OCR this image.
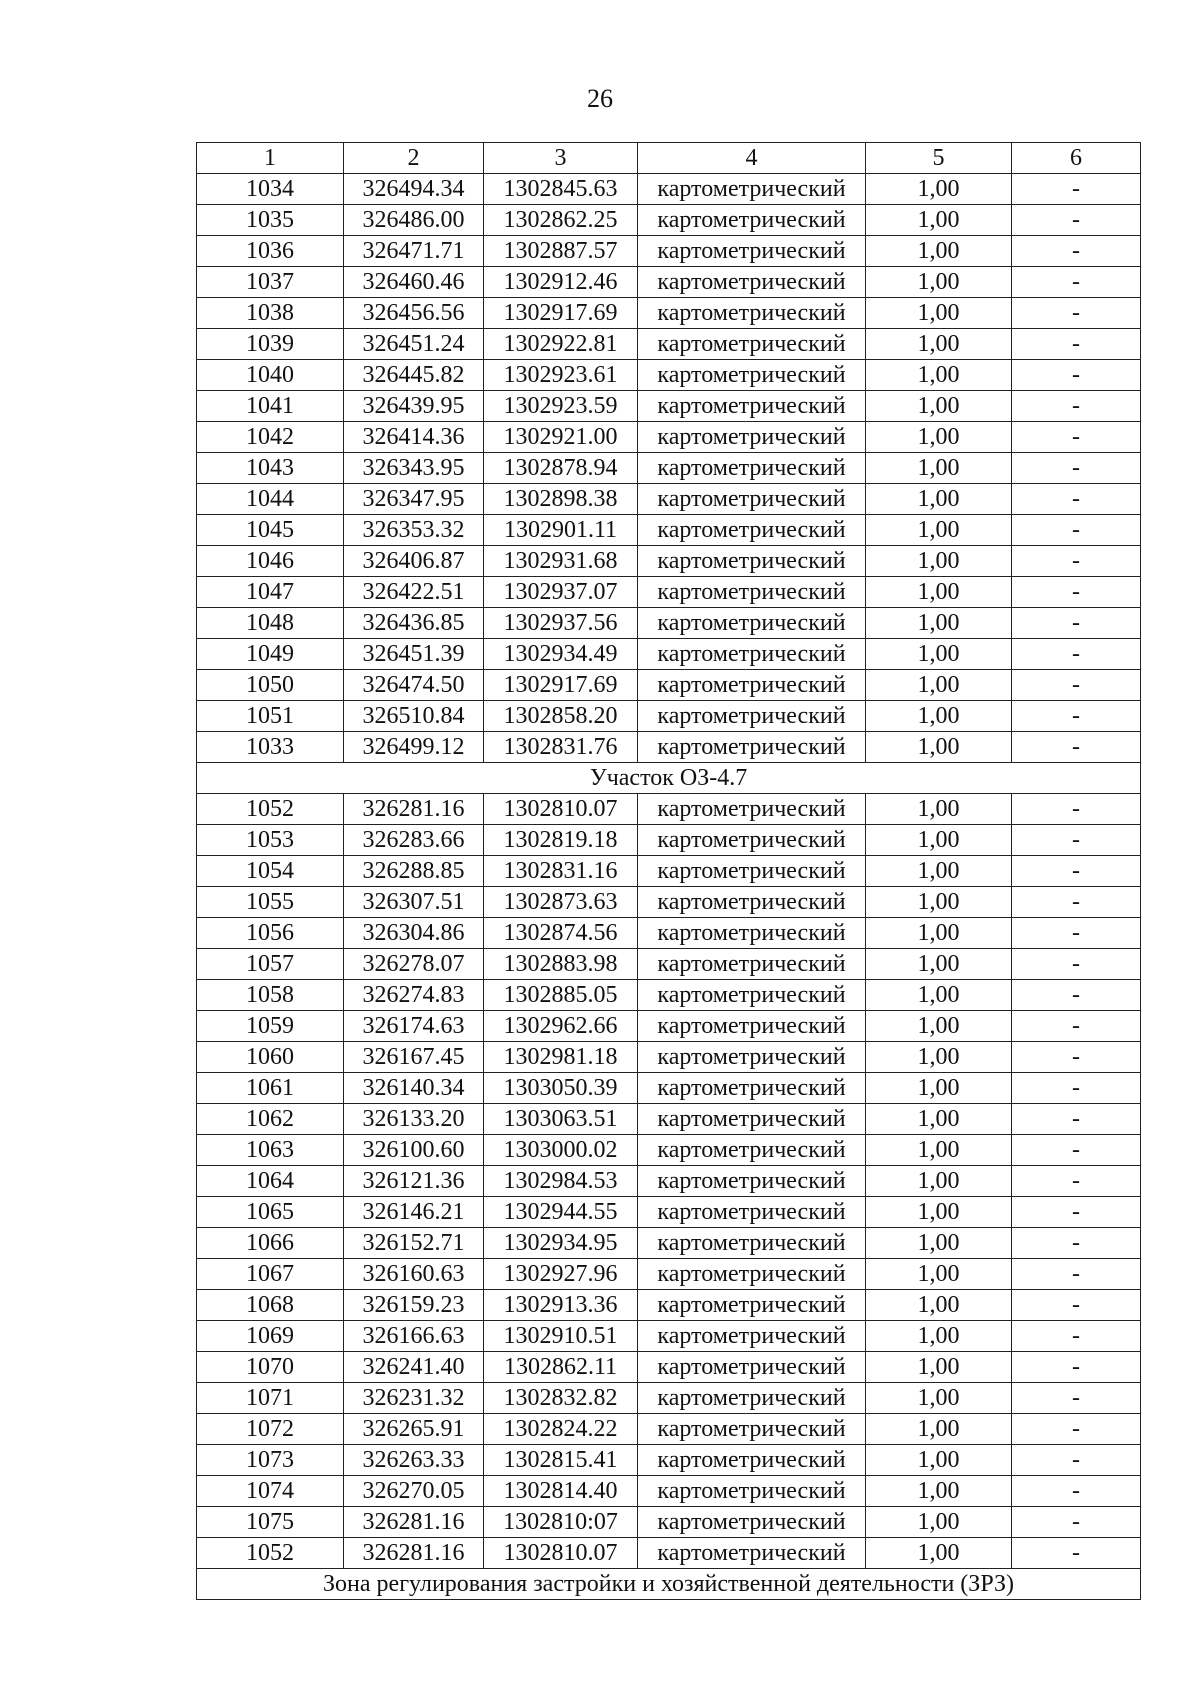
26
1	2	3	4	5	6
1034	326494.34	1302845.63	картометрический	1,00	-
1035	326486.00	1302862.25	картометрический	1,00	-
1036	326471.71	1302887.57	картометрический	1,00	-
1037	326460.46	1302912.46	картометрический	1,00	-
1038	326456.56	1302917.69	картометрический	1,00	-
1039	326451.24	1302922.81	картометрический	1,00	-
1040	326445.82	1302923.61	картометрический	1,00	-
1041	326439.95	1302923.59	картометрический	1,00	-
1042	326414.36	1302921.00	картометрический	1,00	-
1043	326343.95	1302878.94	картометрический	1,00	-
1044	326347.95	1302898.38	картометрический	1,00	-
1045	326353.32	1302901.11	картометрический	1,00	-
1046	326406.87	1302931.68	картометрический	1,00	-
1047	326422.51	1302937.07	картометрический	1,00	-
1048	326436.85	1302937.56	картометрический	1,00	-
1049	326451.39	1302934.49	картометрический	1,00	-
1050	326474.50	1302917.69	картометрический	1,00	-
1051	326510.84	1302858.20	картометрический	1,00	-
1033	326499.12	1302831.76	картометрический	1,00	-
Участок ОЗ-4.7					
1052	326281.16	1302810.07	картометрический	1,00	-
1053	326283.66	1302819.18	картометрический	1,00	-
1054	326288.85	1302831.16	картометрический	1,00	-
1055	326307.51	1302873.63	картометрический	1,00	-
1056	326304.86	1302874.56	картометрический	1,00	-
1057	326278.07	1302883.98	картометрический	1,00	-
1058	326274.83	1302885.05	картометрический	1,00	-
1059	326174.63	1302962.66	картометрический	1,00	-
1060	326167.45	1302981.18	картометрический	1,00	-
1061	326140.34	1303050.39	картометрический	1,00	-
1062	326133.20	1303063.51	картометрический	1,00	-
1063	326100.60	1303000.02	картометрический	1,00	-
1064	326121.36	1302984.53	картометрический	1,00	-
1065	326146.21	1302944.55	картометрический	1,00	-
1066	326152.71	1302934.95	картометрический	1,00	-
1067	326160.63	1302927.96	картометрический	1,00	-
1068	326159.23	1302913.36	картометрический	1,00	-
1069	326166.63	1302910.51	картометрический	1,00	-
1070	326241.40	1302862.11	картометрический	1,00	-
1071	326231.32	1302832.82	картометрический	1,00	-
1072	326265.91	1302824.22	картометрический	1,00	-
1073	326263.33	1302815.41	картометрический	1,00	-
1074	326270.05	1302814.40	картометрический	1,00	-
1075	326281.16	1302810:07	картометрический	1,00	-
1052	326281.16	1302810.07	картометрический	1,00	-
Зона регулирования застройки и хозяйственной деятельности (ЗРЗ)					
